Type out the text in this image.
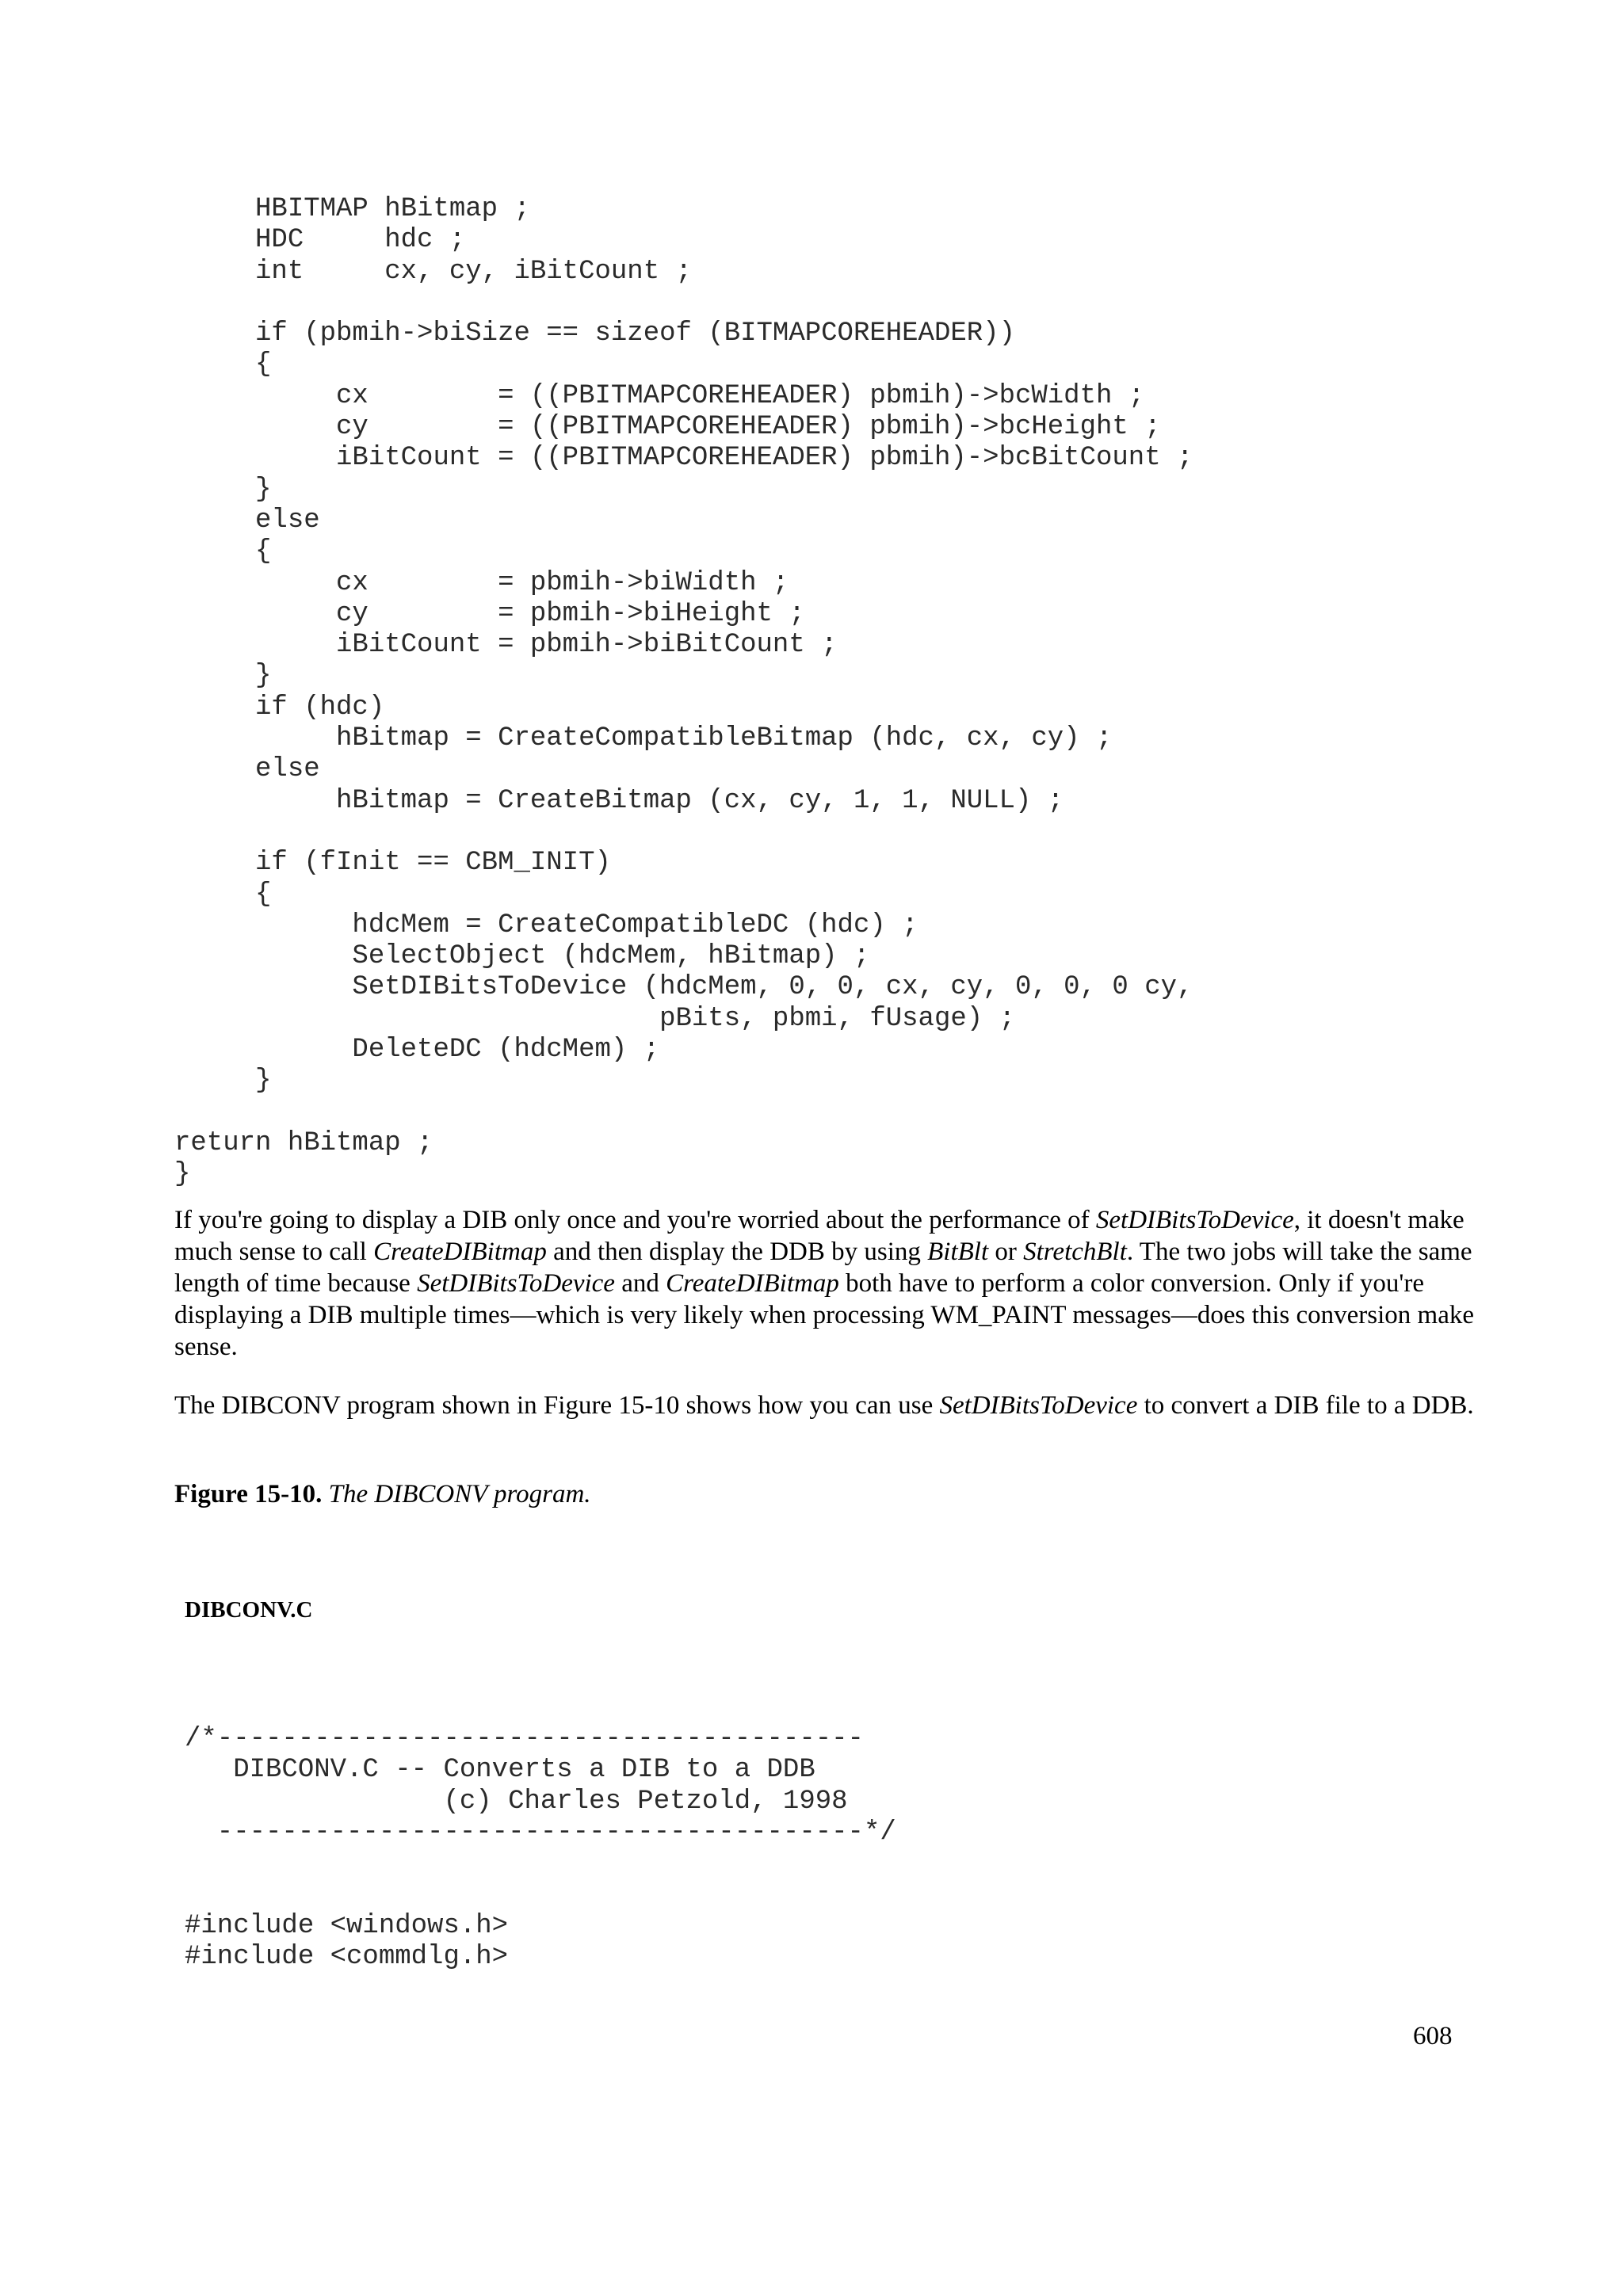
HBITMAP hBitmap ;
HDC     hdc ;
int     cx, cy, iBitCount ;
if (pbmih->biSize == sizeof (BITMAPCOREHEADER))
{
cx        = ((PBITMAPCOREHEADER) pbmih)->bcWidth ;
cy        = ((PBITMAPCOREHEADER) pbmih)->bcHeight ;
iBitCount = ((PBITMAPCOREHEADER) pbmih)->bcBitCount ;
}
else
{
cx        = pbmih->biWidth ;
cy        = pbmih->biHeight ;
iBitCount = pbmih->biBitCount ;
}
if (hdc)
hBitmap = CreateCompatibleBitmap (hdc, cx, cy) ;
else
hBitmap = CreateBitmap (cx, cy, 1, 1, NULL) ;
if (fInit == CBM_INIT)
{
hdcMem = CreateCompatibleDC (hdc) ;
SelectObject (hdcMem, hBitmap) ;
SetDIBitsToDevice (hdcMem, 0, 0, cx, cy, 0, 0, 0 cy,
pBits, pbmi, fUsage) ;
DeleteDC (hdcMem) ;
}
return hBitmap ;
}

If you're going to display a DIB only once and you're worried about the performance of SetDIBitsToDevice, it doesn't make much sense to call CreateDIBitmap and then display the DDB by using BitBlt or StretchBlt. The two jobs will take the same length of time because SetDIBitsToDevice and CreateDIBitmap both have to perform a color conversion. Only if you're displaying a DIB multiple times—which is very likely when processing WM_PAINT messages—does this conversion make sense.

The DIBCONV program shown in Figure 15-10 shows how you can use SetDIBitsToDevice to convert a DIB file to a DDB.

Figure 15-10. The DIBCONV program.
DIBCONV.C
/*----------------------------------------
DIBCONV.C -- Converts a DIB to a DDB
(c) Charles Petzold, 1998
----------------------------------------*/
#include <windows.h>
#include <commdlg.h>
608
